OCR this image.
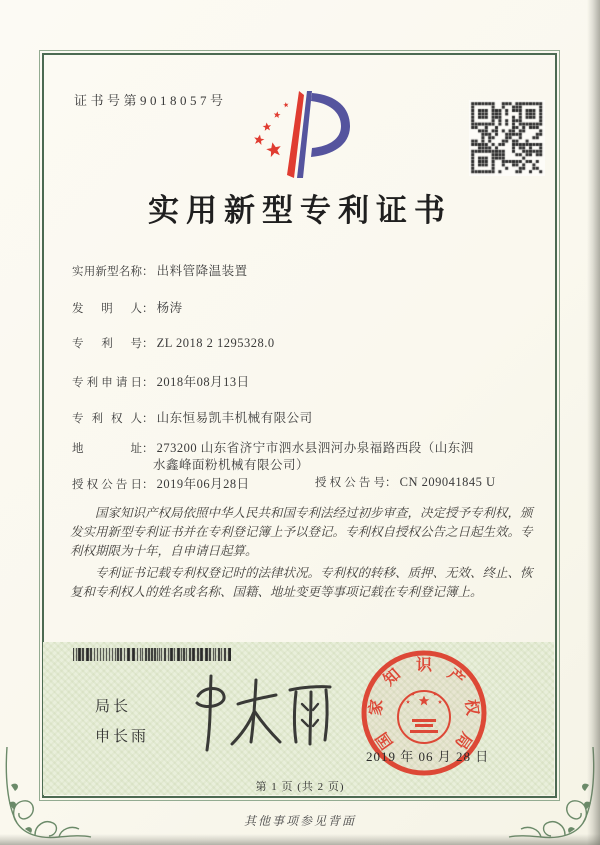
证书号第9018057号
实用新型专利证书
实用新型名称： 出料管降温装置
发明人： 杨涛
专利号： ZL 2018 2 1295328.0
专利申请日： 2018年08月13日
专利权人： 山东恒易凯丰机械有限公司
地址： 273200 山东省济宁市泗水县泗河办泉福路西段（山东泗
水鑫峰面粉机械有限公司）
授权公告日： 2019年06月28日	授权公告号： CN 209041845 U

国家知识产权局依照中华人民共和国专利法经过初步审查，决定授予专利权，颁发实用新型专利证书并在专利登记簿上予以登记。专利权自授权公告之日起生效。专利权期限为十年，自申请日起算。

专利证书记载专利权登记时的法律状况。专利权的转移、质押、无效、终止、恢复和专利权人的姓名或名称、国籍、地址变更等事项记载在专利登记簿上。

局长
申长雨	国
家
知
识
产
权
局
2019 年 06 月 28 日
第 1 页 (共 2 页)
其他事项参见背面
